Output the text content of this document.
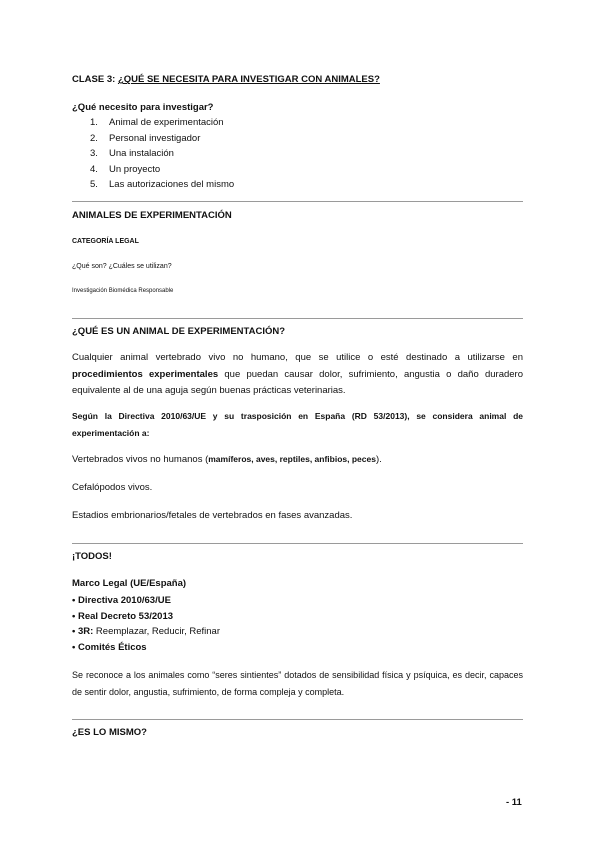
CLASE 3: ¿QUÉ SE NECESITA PARA INVESTIGAR CON ANIMALES?
¿Qué necesito para investigar?
1. Animal de experimentación
2. Personal investigador
3. Una instalación
4. Un proyecto
5. Las autorizaciones del mismo
ANIMALES DE EXPERIMENTACIÓN
CATEGORÍA LEGAL
¿Qué son? ¿Cuáles se utilizan?
Investigación Biomédica Responsable
¿QUÉ ES UN ANIMAL DE EXPERIMENTACIÓN?

Cualquier animal vertebrado vivo no humano, que se utilice o esté destinado a utilizarse en procedimientos experimentales que puedan causar dolor, sufrimiento, angustia o daño duradero equivalente al de una aguja según buenas prácticas veterinarias.

Según la Directiva 2010/63/UE y su trasposición en España (RD 53/2013), se considera animal de experimentación a:

Vertebrados vivos no humanos (mamíferos, aves, reptiles, anfibios, peces).

Cefalópodos vivos.

Estadios embrionarios/fetales de vertebrados en fases avanzadas.

¡TODOS!
Marco Legal (UE/España)
• Directiva 2010/63/UE
• Real Decreto 53/2013
• 3R: Reemplazar, Reducir, Refinar
• Comités Éticos

Se reconoce a los animales como “seres sintientes” dotados de sensibilidad física y psíquica, es decir, capaces de sentir dolor, angustia, sufrimiento, de forma compleja y completa.

¿ES LO MISMO?
- 11
